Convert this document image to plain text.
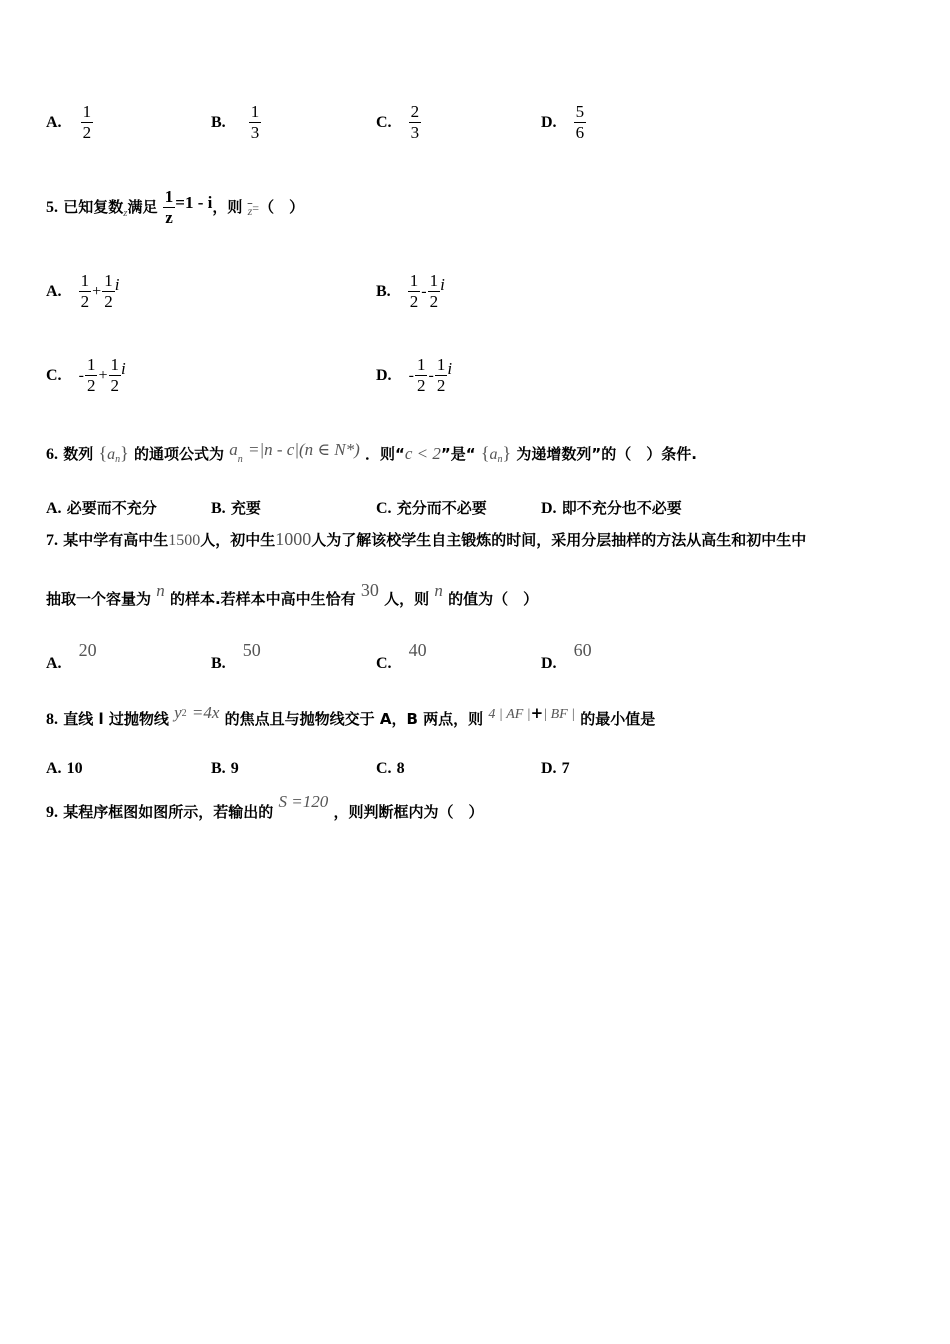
A. $\frac{1}{2}$	B. $\frac{1}{3}$	C. $\frac{2}{3}$	D. $\frac{5}{6}$
5. 已知复数$_z$满足 $\frac{1}{z} =1 - i$，则 $_{\overline{z}}$=（　）
A. $\frac{1}{2} + \frac{1}{2}$ i	B. $\frac{1}{2} - \frac{1}{2}$ i
C. - $\frac{1}{2} + \frac{1}{2}$ i	D. - $\frac{1}{2} - \frac{1}{2}$ i
6. 数列 $\{a_n\}$ 的通项公式为 $a_n =|n - c|(n$ ∈ N*) ．则“c < 2”是“ $\{a_n\}$ 为递增数列”的（　）条件.
A. 必要而不充分	B. 充要	C. 充分而不必要	D. 即不充分也不必要
7. 某中学有高中生1500人，初中生1000人为了解该校学生自主锻炼的时间，采用分层抽样的方法从高生和初中生中
抽取一个容量为 n 的样本.若样本中高中生恰有 30 人，则 n 的值为（　）
A. 20
B. 50
C. 40
D. 60
8. 直线 l 过抛物线 $y^2 =4x$ 的焦点且与抛物线交于 A，B 两点，则 4 | AF |+| BF | 的最小值是
A. 10	B. 9	C. 8	D. 7
9. 某程序框图如图所示，若输出的 S =120 ，则判断框内为（　）
